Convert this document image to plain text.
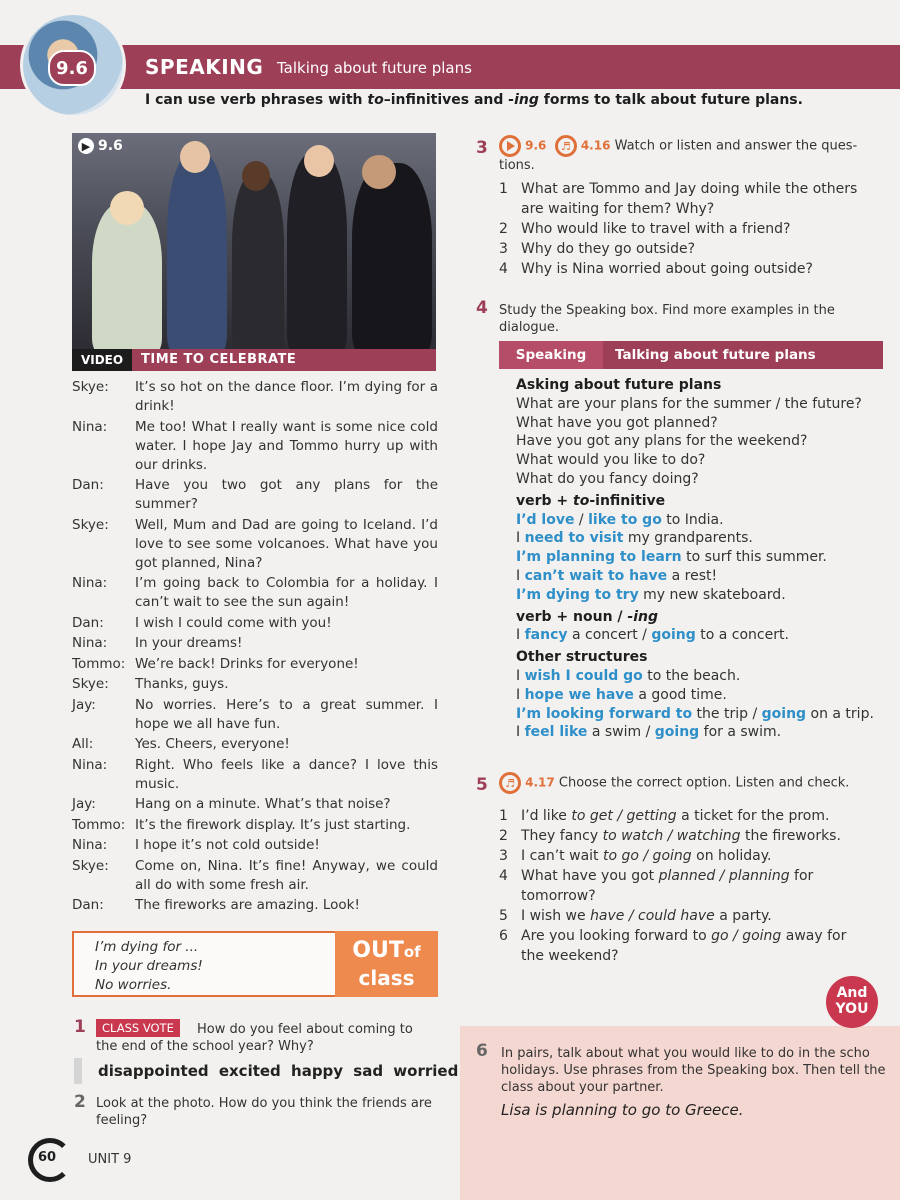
9.6	SPEAKING Talking about future plans
I can use verb phrases with to–infinitives and -ing forms to talk about future plans.
▶ 9.6
VIDEO	TIME TO CELEBRATE
Skye:	It’s so hot on the dance floor. I’m dying for a drink!
Nina:	Me too! What I really want is some nice cold water. I hope Jay and Tommo hurry up with our drinks.
Dan:	Have you two got any plans for the summer?
Skye:	Well, Mum and Dad are going to Iceland. I’d love to see some volcanoes. What have you got planned, Nina?
Nina:	I’m going back to Colombia for a holiday. I can’t wait to see the sun again!
Dan:	I wish I could come with you!
Nina:	In your dreams!
Tommo: We’re back! Drinks for everyone!
Skye:	Thanks, guys.
Jay:	No worries. Here’s to a great summer. I hope we all have fun.
All:	Yes. Cheers, everyone!
Nina:	Right. Who feels like a dance? I love this music.
Jay:	Hang on a minute. What’s that noise?
Tommo: It’s the firework display. It’s just starting.
Nina:	I hope it’s not cold outside!
Skye:	Come on, Nina. It’s fine! Anyway, we could all do with some fresh air.
Dan:	The fireworks are amazing. Look!
I’m dying for ...
In your dreams!
No worries.
OUTof
class
1	CLASS VOTE	How do you feel about coming to
the end of the school year? Why?
disappointed excited happy sad worried
2 Look at the photo. How do you think the friends are
feeling?
60 UNIT 9
3	9.6 ♬ 4.16 Watch or listen and answer the ques-
tions.
1 What are Tommo and Jay doing while the others are waiting for them? Why?
2 Who would like to travel with a friend?
3 Why do they go outside?
4 Why is Nina worried about going outside?
4 Study the Speaking box. Find more examples in the
dialogue.
Speaking	Talking about future plans
Asking about future plans
What are your plans for the summer / the future?
What have you got planned?
Have you got any plans for the weekend?
What would you like to do?
What do you fancy doing?
verb + to-infinitive
I’d love / like to go to India.
I need to visit my grandparents.
I’m planning to learn to surf this summer.
I can’t wait to have a rest!
I’m dying to try my new skateboard.
verb + noun / -ing
I fancy a concert / going to a concert.
Other structures
I wish I could go to the beach.
I hope we have a good time.
I’m looking forward to the trip / going on a trip.
I feel like a swim / going for a swim.
5	♬ 4.17 Choose the correct option. Listen and check.
1 I’d like to get / getting a ticket for the prom.
2 They fancy to watch / watching the fireworks.
3 I can’t wait to go / going on holiday.
4 What have you got planned / planning for tomorrow?
5 I wish we have / could have a party.
6 Are you looking forward to go / going away for the weekend?
And
YOU
6 In pairs, talk about what you would like to do in the scho
holidays. Use phrases from the Speaking box. Then tell the
class about your partner.
Lisa is planning to go to Greece.
